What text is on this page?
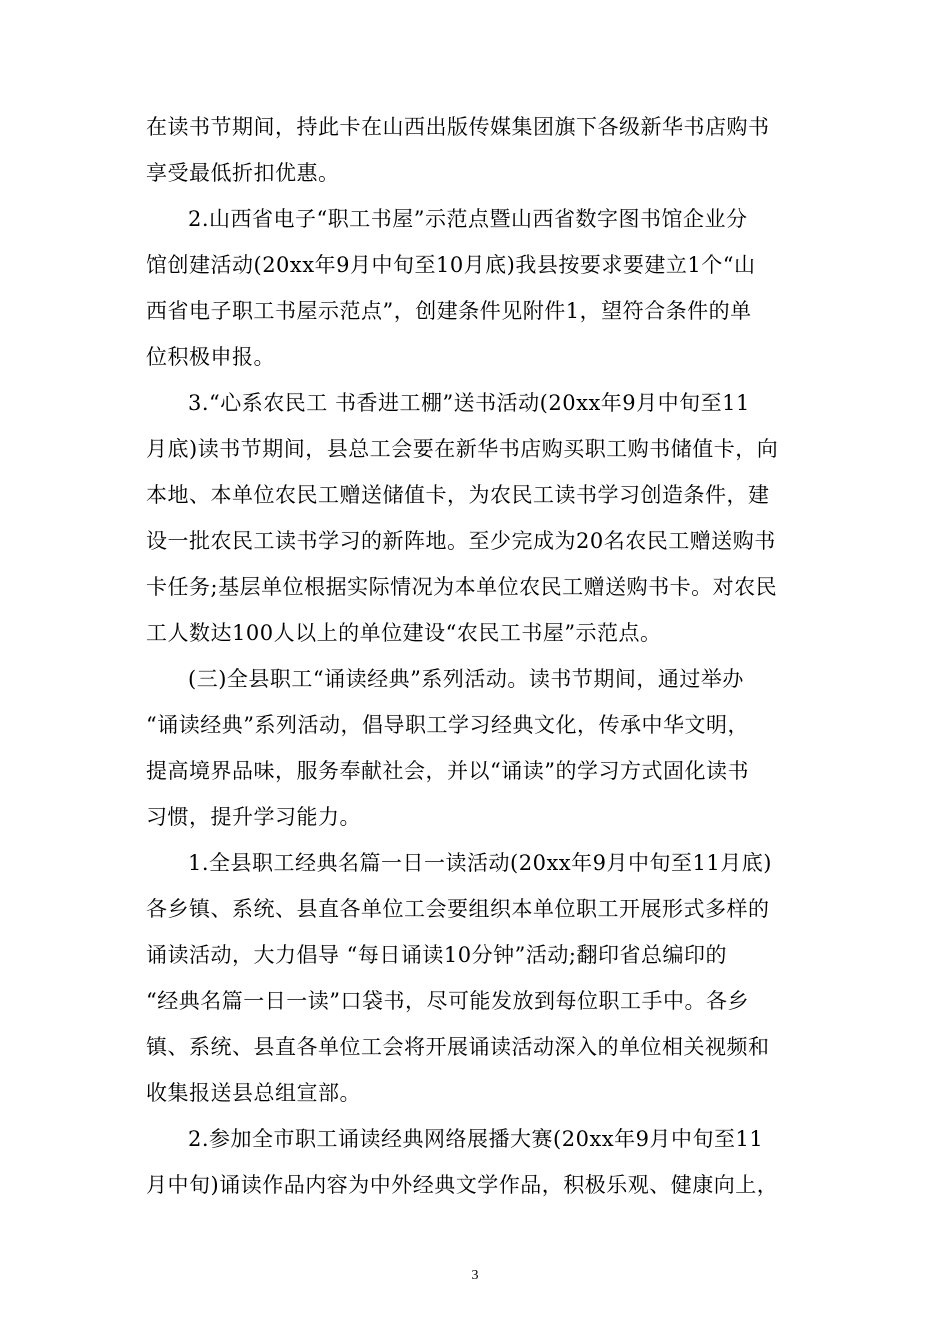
在读书节期间，持此卡在山西出版传媒集团旗下各级新华书店购书
享受最低折扣优惠。
2.山西省电子“职工书屋”示范点暨山西省数字图书馆企业分
馆创建活动(20xx年9月中旬至10月底)我县按要求要建立1个“山
西省电子职工书屋示范点”，创建条件见附件1，望符合条件的单
位积极申报。
3.“心系农民工 书香进工棚”送书活动(20xx年9月中旬至11
月底)读书节期间，县总工会要在新华书店购买职工购书储值卡，向
本地、本单位农民工赠送储值卡，为农民工读书学习创造条件，建
设一批农民工读书学习的新阵地。至少完成为20名农民工赠送购书
卡任务;基层单位根据实际情况为本单位农民工赠送购书卡。对农民
工人数达100人以上的单位建设“农民工书屋”示范点。
(三)全县职工“诵读经典”系列活动。读书节期间，通过举办
“诵读经典”系列活动，倡导职工学习经典文化，传承中华文明，
提高境界品味，服务奉献社会，并以“诵读”的学习方式固化读书
习惯，提升学习能力。
1.全县职工经典名篇一日一读活动(20xx年9月中旬至11月底)
各乡镇、系统、县直各单位工会要组织本单位职工开展形式多样的
诵读活动，大力倡导 “每日诵读10分钟”活动;翻印省总编印的
“经典名篇一日一读”口袋书，尽可能发放到每位职工手中。各乡
镇、系统、县直各单位工会将开展诵读活动深入的单位相关视频和
收集报送县总组宣部。
2.参加全市职工诵读经典网络展播大赛(20xx年9月中旬至11
月中旬)诵读作品内容为中外经典文学作品，积极乐观、健康向上，
3
